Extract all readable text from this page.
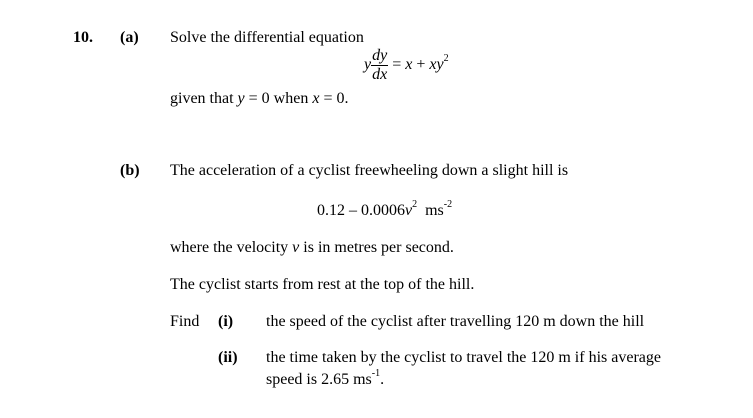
10. (a) Solve the differential equation
y $\frac{dy}{dx} = x + xy^2$
given that y = 0 when x = 0.
(b) The acceleration of a cyclist freewheeling down a slight hill is
$0.12 - 0.0006v^2$ $ms^{-2}$
where the velocity v is in metres per second.
The cyclist starts from rest at the top of the hill.
Find (i) the speed of the cyclist after travelling 120 m down the hill
(ii) the time taken by the cyclist to travel the 120 m if his average
speed is 2.65 $ms^{-1}$.
